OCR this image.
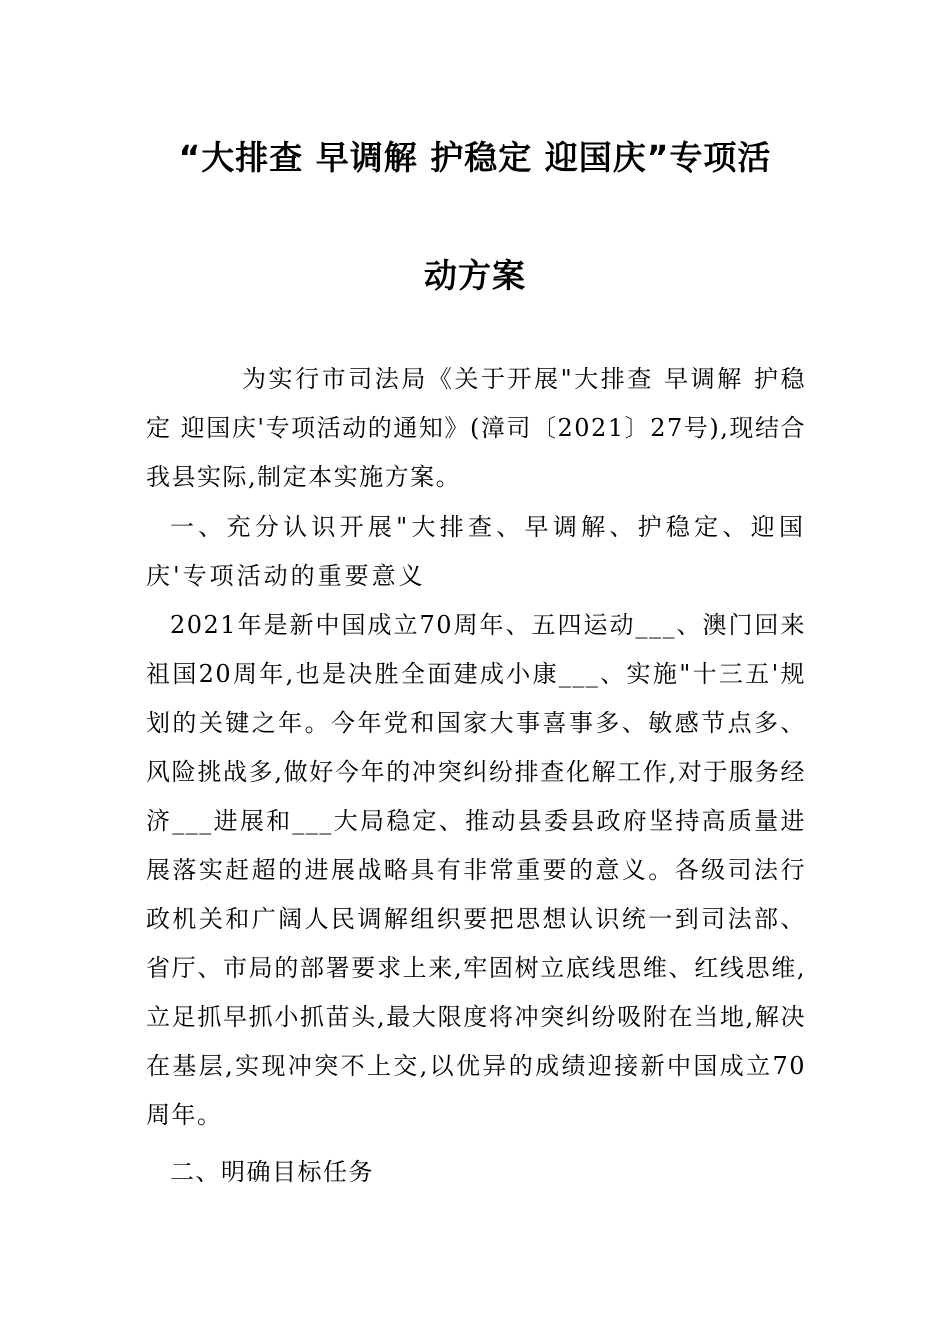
“大排查 早调解 护稳定 迎国庆”专项活
动方案
为实行市司法局《关于开展"大排查 早调解 护稳定 迎国庆'专项活动的通知》(漳司〔2021〕27号),现结合我县实际,制定本实施方案。
一、充分认识开展"大排查、早调解、护稳定、迎国庆'专项活动的重要意义
2021年是新中国成立70周年、五四运动___、澳门回来祖国20周年,也是决胜全面建成小康___、实施"十三五'规划的关键之年。今年党和国家大事喜事多、敏感节点多、风险挑战多,做好今年的冲突纠纷排查化解工作,对于服务经济___进展和___大局稳定、推动县委县政府坚持高质量进展落实赶超的进展战略具有非常重要的意义。各级司法行政机关和广阔人民调解组织要把思想认识统一到司法部、省厅、市局的部署要求上来,牢固树立底线思维、红线思维,立足抓早抓小抓苗头,最大限度将冲突纠纷吸附在当地,解决在基层,实现冲突不上交,以优异的成绩迎接新中国成立70周年。
二、明确目标任务
